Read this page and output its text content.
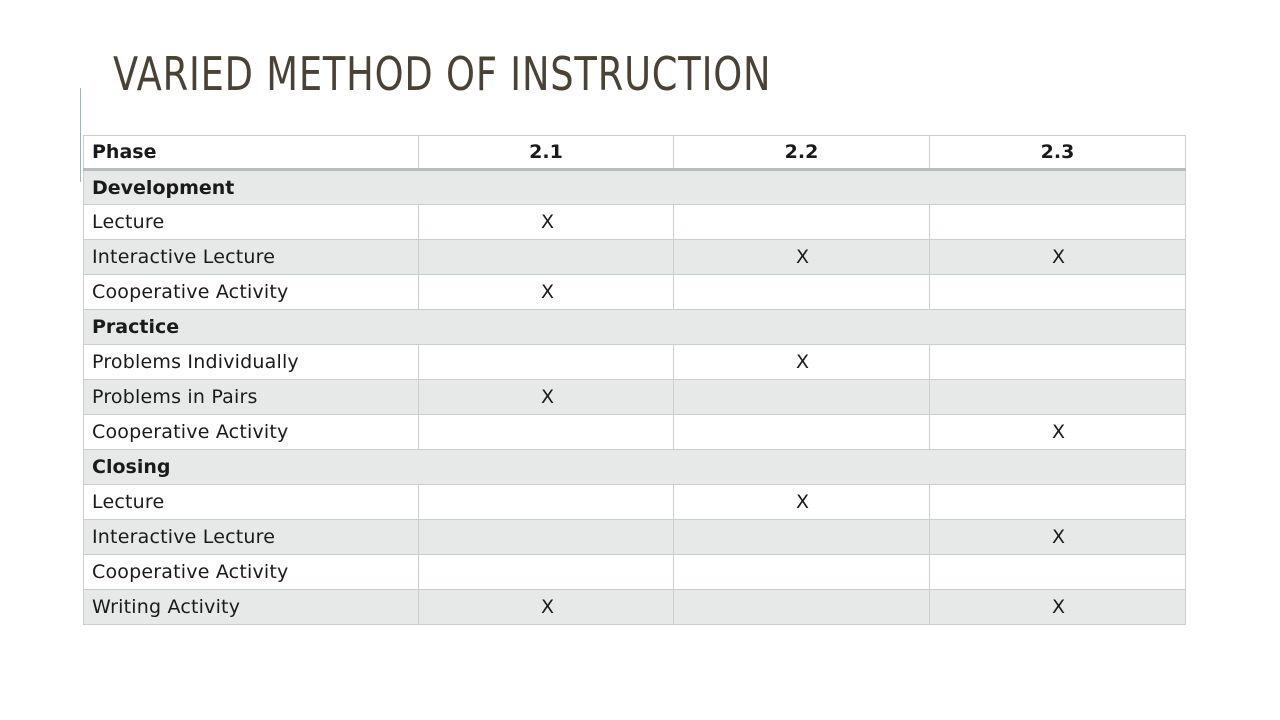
VARIED METHOD OF INSTRUCTION
Phase	2.1	2.2	2.3
Development			
Lecture	X		
Interactive Lecture		X	X
Cooperative Activity	X		
Practice			
Problems Individually		X	
Problems in Pairs	X		
Cooperative Activity			X
Closing			
Lecture		X	
Interactive Lecture			X
Cooperative Activity			
Writing Activity	X		X
